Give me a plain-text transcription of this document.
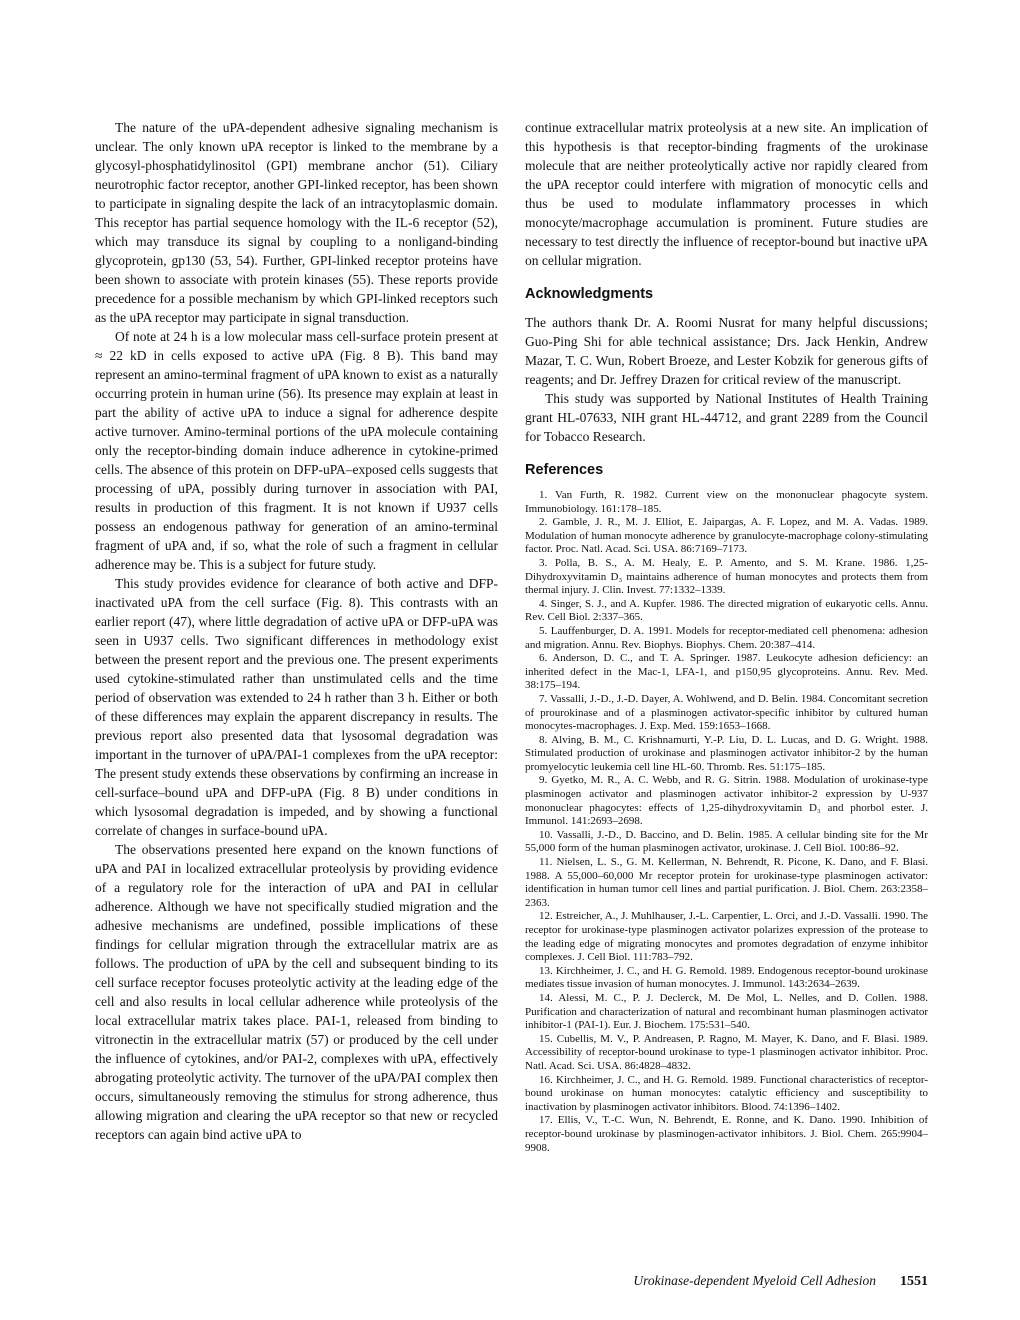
The nature of the uPA-dependent adhesive signaling mechanism is unclear. The only known uPA receptor is linked to the membrane by a glycosyl-phosphatidylinositol (GPI) membrane anchor (51). Ciliary neurotrophic factor receptor, another GPI-linked receptor, has been shown to participate in signaling despite the lack of an intracytoplasmic domain. This receptor has partial sequence homology with the IL-6 receptor (52), which may transduce its signal by coupling to a nonligand-binding glycoprotein, gp130 (53, 54). Further, GPI-linked receptor proteins have been shown to associate with protein kinases (55). These reports provide precedence for a possible mechanism by which GPI-linked receptors such as the uPA receptor may participate in signal transduction.

Of note at 24 h is a low molecular mass cell-surface protein present at ≈ 22 kD in cells exposed to active uPA (Fig. 8 B). This band may represent an amino-terminal fragment of uPA known to exist as a naturally occurring protein in human urine (56). Its presence may explain at least in part the ability of active uPA to induce a signal for adherence despite active turnover. Amino-terminal portions of the uPA molecule containing only the receptor-binding domain induce adherence in cytokine-primed cells. The absence of this protein on DFP-uPA–exposed cells suggests that processing of uPA, possibly during turnover in association with PAI, results in production of this fragment. It is not known if U937 cells possess an endogenous pathway for generation of an amino-terminal fragment of uPA and, if so, what the role of such a fragment in cellular adherence may be. This is a subject for future study.

This study provides evidence for clearance of both active and DFP-inactivated uPA from the cell surface (Fig. 8). This contrasts with an earlier report (47), where little degradation of active uPA or DFP-uPA was seen in U937 cells. Two significant differences in methodology exist between the present report and the previous one. The present experiments used cytokine-stimulated rather than unstimulated cells and the time period of observation was extended to 24 h rather than 3 h. Either or both of these differences may explain the apparent discrepancy in results. The previous report also presented data that lysosomal degradation was important in the turnover of uPA/PAI-1 complexes from the uPA receptor: The present study extends these observations by confirming an increase in cell-surface–bound uPA and DFP-uPA (Fig. 8 B) under conditions in which lysosomal degradation is impeded, and by showing a functional correlate of changes in surface-bound uPA.

The observations presented here expand on the known functions of uPA and PAI in localized extracellular proteolysis by providing evidence of a regulatory role for the interaction of uPA and PAI in cellular adherence. Although we have not specifically studied migration and the adhesive mechanisms are undefined, possible implications of these findings for cellular migration through the extracellular matrix are as follows. The production of uPA by the cell and subsequent binding to its cell surface receptor focuses proteolytic activity at the leading edge of the cell and also results in local cellular adherence while proteolysis of the local extracellular matrix takes place. PAI-1, released from binding to vitronectin in the extracellular matrix (57) or produced by the cell under the influence of cytokines, and/or PAI-2, complexes with uPA, effectively abrogating proteolytic activity. The turnover of the uPA/PAI complex then occurs, simultaneously removing the stimulus for strong adherence, thus allowing migration and clearing the uPA receptor so that new or recycled receptors can again bind active uPA to

continue extracellular matrix proteolysis at a new site. An implication of this hypothesis is that receptor-binding fragments of the urokinase molecule that are neither proteolytically active nor rapidly cleared from the uPA receptor could interfere with migration of monocytic cells and thus be used to modulate inflammatory processes in which monocyte/macrophage accumulation is prominent. Future studies are necessary to test directly the influence of receptor-bound but inactive uPA on cellular migration.

Acknowledgments

The authors thank Dr. A. Roomi Nusrat for many helpful discussions; Guo-Ping Shi for able technical assistance; Drs. Jack Henkin, Andrew Mazar, T. C. Wun, Robert Broeze, and Lester Kobzik for generous gifts of reagents; and Dr. Jeffrey Drazen for critical review of the manuscript.

This study was supported by National Institutes of Health Training grant HL-07633, NIH grant HL-44712, and grant 2289 from the Council for Tobacco Research.

References

1. Van Furth, R. 1982. Current view on the mononuclear phagocyte system. Immunobiology. 161:178–185.

2. Gamble, J. R., M. J. Elliot, E. Jaipargas, A. F. Lopez, and M. A. Vadas. 1989. Modulation of human monocyte adherence by granulocyte-macrophage colony-stimulating factor. Proc. Natl. Acad. Sci. USA. 86:7169–7173.

3. Polla, B. S., A. M. Healy, E. P. Amento, and S. M. Krane. 1986. 1,25-Dihydroxyvitamin D₃ maintains adherence of human monocytes and protects them from thermal injury. J. Clin. Invest. 77:1332–1339.

4. Singer, S. J., and A. Kupfer. 1986. The directed migration of eukaryotic cells. Annu. Rev. Cell Biol. 2:337–365.

5. Lauffenburger, D. A. 1991. Models for receptor-mediated cell phenomena: adhesion and migration. Annu. Rev. Biophys. Biophys. Chem. 20:387–414.

6. Anderson, D. C., and T. A. Springer. 1987. Leukocyte adhesion deficiency: an inherited defect in the Mac-1, LFA-1, and p150,95 glycoproteins. Annu. Rev. Med. 38:175–194.

7. Vassalli, J.-D., J.-D. Dayer, A. Wohlwend, and D. Belin. 1984. Concomitant secretion of prourokinase and of a plasminogen activator-specific inhibitor by cultured human monocytes-macrophages. J. Exp. Med. 159:1653–1668.

8. Alving, B. M., C. Krishnamurti, Y.-P. Liu, D. L. Lucas, and D. G. Wright. 1988. Stimulated production of urokinase and plasminogen activator inhibitor-2 by the human promyelocytic leukemia cell line HL-60. Thromb. Res. 51:175–185.

9. Gyetko, M. R., A. C. Webb, and R. G. Sitrin. 1988. Modulation of urokinase-type plasminogen activator and plasminogen activator inhibitor-2 expression by U-937 mononuclear phagocytes: effects of 1,25-dihydroxyvitamin D₃ and phorbol ester. J. Immunol. 141:2693–2698.

10. Vassalli, J.-D., D. Baccino, and D. Belin. 1985. A cellular binding site for the Mr 55,000 form of the human plasminogen activator, urokinase. J. Cell Biol. 100:86–92.

11. Nielsen, L. S., G. M. Kellerman, N. Behrendt, R. Picone, K. Dano, and F. Blasi. 1988. A 55,000–60,000 Mr receptor protein for urokinase-type plasminogen activator: identification in human tumor cell lines and partial purification. J. Biol. Chem. 263:2358–2363.

12. Estreicher, A., J. Muhlhauser, J.-L. Carpentier, L. Orci, and J.-D. Vassalli. 1990. The receptor for urokinase-type plasminogen activator polarizes expression of the protease to the leading edge of migrating monocytes and promotes degradation of enzyme inhibitor complexes. J. Cell Biol. 111:783–792.

13. Kirchheimer, J. C., and H. G. Remold. 1989. Endogenous receptor-bound urokinase mediates tissue invasion of human monocytes. J. Immunol. 143:2634–2639.

14. Alessi, M. C., P. J. Declerck, M. De Mol, L. Nelles, and D. Collen. 1988. Purification and characterization of natural and recombinant human plasminogen activator inhibitor-1 (PAI-1). Eur. J. Biochem. 175:531–540.

15. Cubellis, M. V., P. Andreasen, P. Ragno, M. Mayer, K. Dano, and F. Blasi. 1989. Accessibility of receptor-bound urokinase to type-1 plasminogen activator inhibitor. Proc. Natl. Acad. Sci. USA. 86:4828–4832.

16. Kirchheimer, J. C., and H. G. Remold. 1989. Functional characteristics of receptor-bound urokinase on human monocytes: catalytic efficiency and susceptibility to inactivation by plasminogen activator inhibitors. Blood. 74:1396–1402.

17. Ellis, V., T.-C. Wun, N. Behrendt, E. Ronne, and K. Dano. 1990. Inhibition of receptor-bound urokinase by plasminogen-activator inhibitors. J. Biol. Chem. 265:9904–9908.

Urokinase-dependent Myeloid Cell Adhesion 1551
